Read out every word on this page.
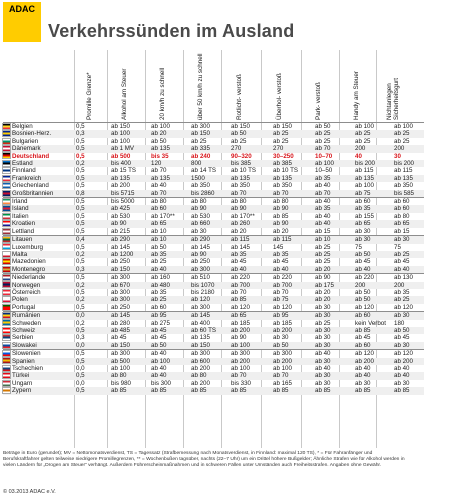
ADAC
Verkehrssünden im Ausland
Promille Grenze*	Alkohol am Steuer	20 km/h zu schnell	über 50 km/h zu schnell	Rotlicht- verstoß	Überhol- verstoß	Park- verstoß	Handy am Steuer	Nichtanlegen Sicherheitsgurt
	Belgien	0,5	ab 150	ab 100	ab 300	ab 150	ab 150	ab 50	ab 100	ab 100
	Bosnien-Herz.	0,3	ab 100	ab 20	ab 150	ab 50	ab 25	ab 25	ab 25	ab 25
	Bulgarien	0,5	ab 100	ab 50	ab 25	ab 25	ab 25	ab 25	ab 25	ab 25
	Dänemark	0,5	ab 1 MV	ab 135	ab 335	270	270	ab 70	200	200
	Deutschland	0,5	ab 500	bis 35	ab 240	90–320	30–250	10–70	40	30
	Estland	0,2	bis 400	120	800	bis 385	ab 385	ab 100	bis 200	bis 200
	Finnland	0,5	ab 15 TS	ab 70	ab 14 TS	ab 10 TS	ab 10 TS	10–50	ab 115	ab 115
	Frankreich	0,5	ab 135	ab 135	1500	ab 135	ab 135	ab 35	ab 135	ab 135
	Griechenland	0,5	ab 200	ab 40	ab 350	ab 350	ab 350	ab 40	ab 100	ab 350
	Großbritannien	0,8	bis 5715	ab 70	bis 2860	ab 70	ab 70	ab 70	ab 75	bis 585
	Irland	0,5	bis 5000	ab 80	ab 80	ab 80	ab 80	ab 40	ab 60	ab 60
	Island	0,5	ab 425	ab 60	ab 90	ab 90	ab 90	ab 35	ab 35	ab 60
	Italien	0,5	ab 530	ab 170**	ab 530	ab 170**	ab 85	ab 40	ab 155	ab 80
	Kroatien	0,5	ab 90	ab 65	ab 660	ab 260	ab 90	ab 40	ab 65	ab 65
	Lettland	0,5	ab 215	ab 10	ab 30	ab 20	ab 20	ab 15	ab 30	ab 15
	Litauen	0,4	ab 290	ab 10	ab 290	ab 115	ab 115	ab 10	ab 30	ab 30
	Luxemburg	0,5	ab 145	ab 50	ab 145	ab 145	145	ab 25	75	75
	Malta	0,2	ab 1200	ab 35	ab 90	ab 35	ab 35	ab 25	ab 50	ab 25
	Mazedonien	0,5	ab 250	ab 25	ab 250	ab 45	ab 45	ab 25	ab 45	ab 45
	Montenegro	0,3	ab 150	ab 40	ab 300	ab 40	ab 40	ab 20	ab 40	ab 40
	Niederlande	0,5	ab 300	ab 160	ab 510	ab 220	ab 220	ab 90	ab 220	ab 130
	Norwegen	0,2	ab 670	ab 480	bis 1070	ab 700	ab 700	ab 175	200	200
	Österreich	0,5	ab 300	ab 35	bis 2180	ab 70	ab 70	ab 20	ab 50	ab 35
	Polen	0,2	ab 300	ab 25	ab 120	ab 85	ab 75	ab 20	ab 50	ab 25
	Portugal	0,5	ab 250	ab 60	ab 300	ab 120	ab 120	ab 30	ab 120	ab 120
	Rumänien	0,0	ab 145	ab 95	ab 145	ab 65	ab 95	ab 30	ab 60	ab 30
	Schweden	0,2	ab 280	ab 275	ab 400	ab 185	ab 185	ab 25	kein Verbot	180
	Schweiz	0,5	ab 485	ab 45	ab 60 TS	ab 200	ab 200	ab 30	ab 85	ab 50
	Serbien	0,3	ab 45	ab 45	ab 135	ab 90	ab 30	ab 30	ab 45	ab 45
	Slowakei	0,0	ab 150	ab 50	ab 150	ab 100	ab 50	ab 30	ab 60	ab 30
	Slowenien	0,5	ab 300	ab 40	ab 300	ab 300	ab 300	ab 40	ab 120	ab 120
	Spanien	0,5	ab 500	ab 100	ab 600	ab 200	ab 200	ab 30	ab 200	ab 200
	Tschechien	0,0	ab 100	ab 40	ab 200	ab 100	ab 100	ab 40	ab 40	ab 40
	Türkei	0,5	ab 80	ab 40	ab 80	ab 70	ab 70	ab 30	ab 40	ab 40
	Ungarn	0,0	bis 980	bis 300	ab 200	bis 330	ab 165	ab 30	ab 30	ab 30
	Zypern	0,5	ab 85	ab 85	ab 85	ab 85	ab 85	ab 85	ab 85	ab 85
Beträge in Euro (gerundet); MV = Nettomonatsverdienst, TS = Tagessatz (Strafbemessung nach Monatsverdienst, in Finnland: maximal 120 TS), * = Für Fahranfänger und Berufskraftfahrer gelten teilweise niedrigere Promillegrenzen, ** = Wochenbußen tagsüber, nachts (22–7 Uhr) um ein Drittel höhere Bußgelder; Ähnliche Strafen wie für Alkohol werden in vielen Ländern für „Drogen am Steuer“ verhängt. Außerdem Führerscheinmaßnahmen und in schweren Fällen unter Umständen auch Freiheitsstrafen. Angaben ohne Gewähr.
© 03.2013 ADAC e.V.
